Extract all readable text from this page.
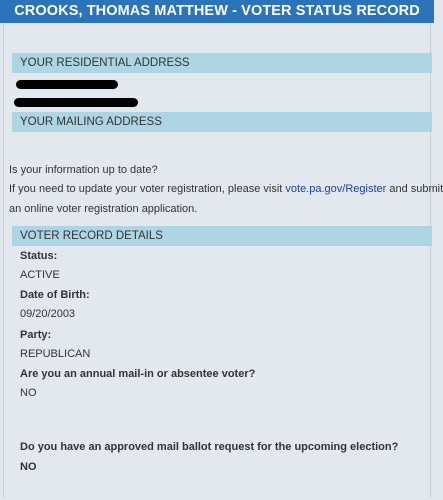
CROOKS, THOMAS MATTHEW - VOTER STATUS RECORD
YOUR RESIDENTIAL ADDRESS
YOUR MAILING ADDRESS
Is your information up to date?
If you need to update your voter registration, please visit vote.pa.gov/Register and submit
an online voter registration application.
VOTER RECORD DETAILS
Status:
ACTIVE
Date of Birth:
09/20/2003
Party:
REPUBLICAN
Are you an annual mail-in or absentee voter?
NO
Do you have an approved mail ballot request for the upcoming election?
NO
